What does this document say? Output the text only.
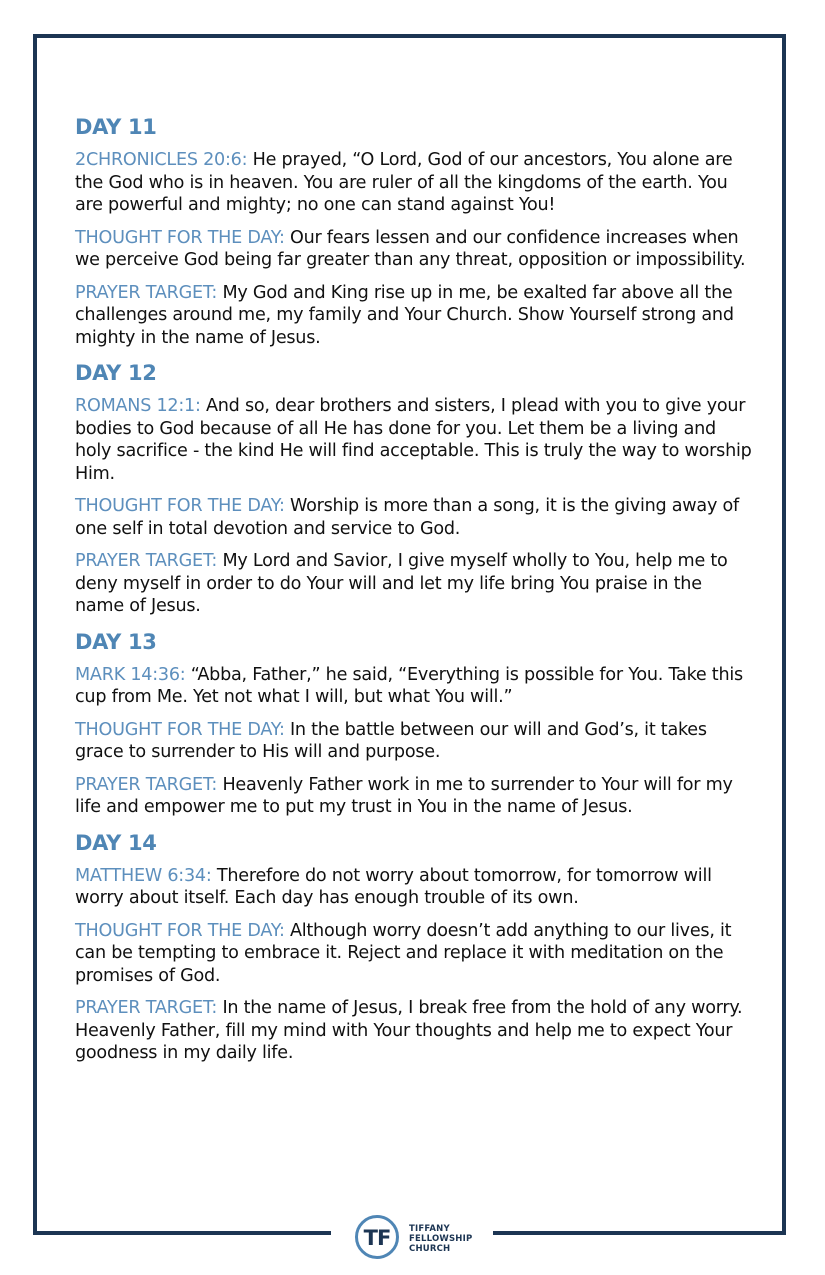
DAY 11

2CHRONICLES 20:6: He prayed, “O Lord, God of our ancestors, You alone are the God who is in heaven. You are ruler of all the kingdoms of the earth. You are powerful and mighty; no one can stand against You!

THOUGHT FOR THE DAY: Our fears lessen and our confidence increases when we perceive God being far greater than any threat, opposition or impossibility.

PRAYER TARGET: My God and King rise up in me, be exalted far above all the challenges around me, my family and Your Church. Show Yourself strong and mighty in the name of Jesus.

DAY 12

ROMANS 12:1: And so, dear brothers and sisters, I plead with you to give your bodies to God because of all He has done for you. Let them be a living and holy sacrifice - the kind He will find acceptable. This is truly the way to worship Him.

THOUGHT FOR THE DAY: Worship is more than a song, it is the giving away of one self in total devotion and service to God.

PRAYER TARGET: My Lord and Savior, I give myself wholly to You, help me to deny myself in order to do Your will and let my life bring You praise in the name of Jesus.

DAY 13

MARK 14:36: “Abba, Father,” he said, “Everything is possible for You. Take this cup from Me. Yet not what I will, but what You will.”

THOUGHT FOR THE DAY: In the battle between our will and God’s, it takes grace to surrender to His will and purpose.

PRAYER TARGET: Heavenly Father work in me to surrender to Your will for my life and empower me to put my trust in You in the name of Jesus.

DAY 14

MATTHEW 6:34: Therefore do not worry about tomorrow, for tomorrow will worry about itself. Each day has enough trouble of its own.

THOUGHT FOR THE DAY: Although worry doesn’t add anything to our lives, it can be tempting to embrace it. Reject and replace it with meditation on the promises of God.

PRAYER TARGET: In the name of Jesus, I break free from the hold of any worry. Heavenly Father, fill my mind with Your thoughts and help me to expect Your goodness in my daily life.

TF TIFFANY
FELLOWSHIP
CHURCH
